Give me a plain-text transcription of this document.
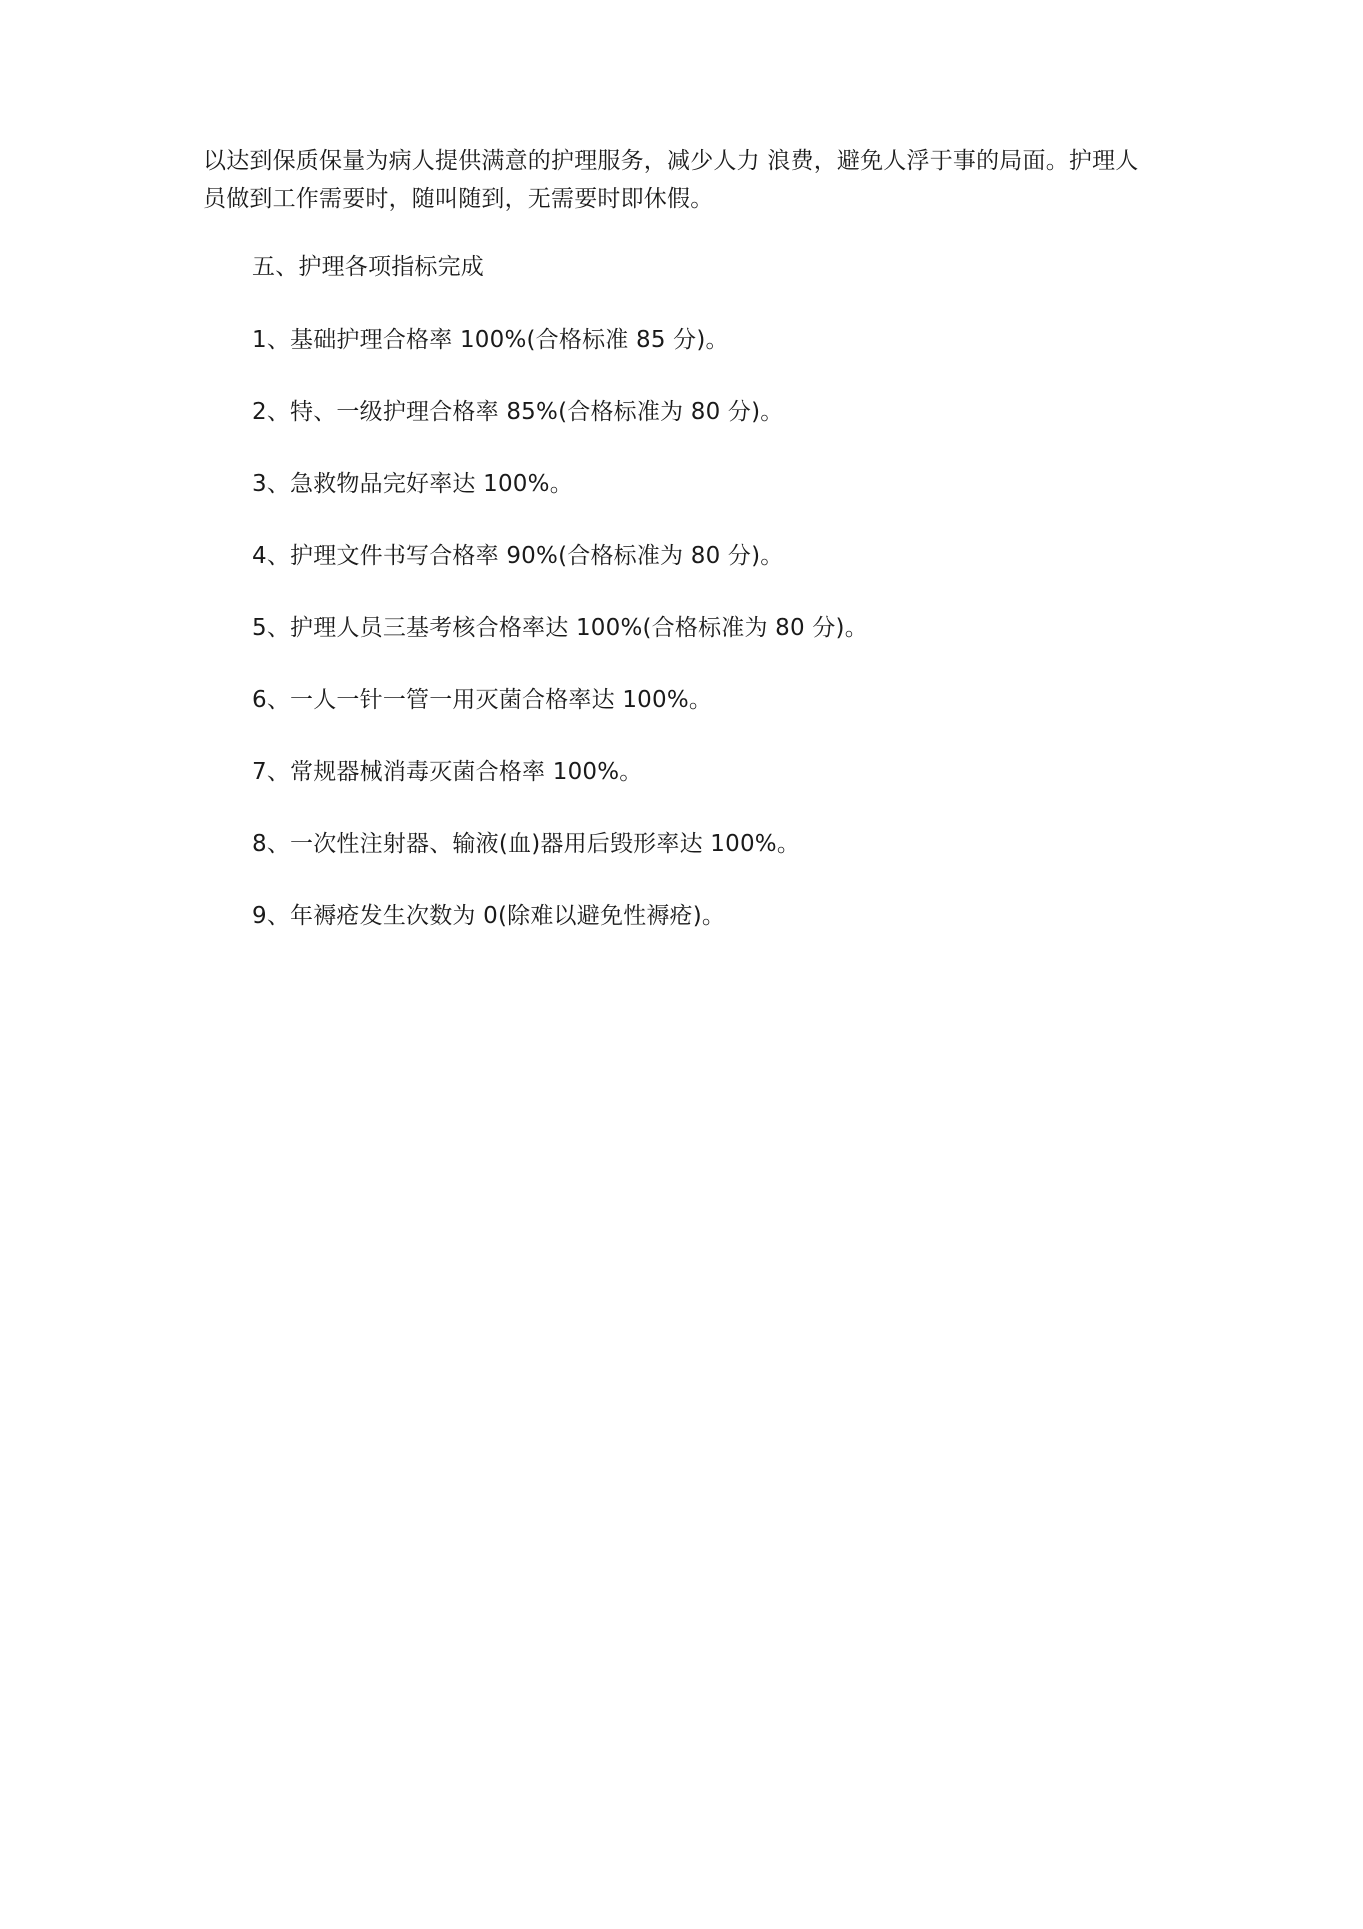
以达到保质保量为病人提供满意的护理服务，减少人力 浪费，避免人浮于事的局面。护理人
员做到工作需要时，随叫随到，无需要时即休假。

五、护理各项指标完成

1、基础护理合格率 100%(合格标准 85 分)。

2、特、一级护理合格率 85%(合格标准为 80 分)。

3、急救物品完好率达 100%。

4、护理文件书写合格率 90%(合格标准为 80 分)。

5、护理人员三基考核合格率达 100%(合格标准为 80 分)。

6、一人一针一管一用灭菌合格率达 100%。

7、常规器械消毒灭菌合格率 100%。

8、一次性注射器、输液(血)器用后毁形率达 100%。

9、年褥疮发生次数为 0(除难以避免性褥疮)。
